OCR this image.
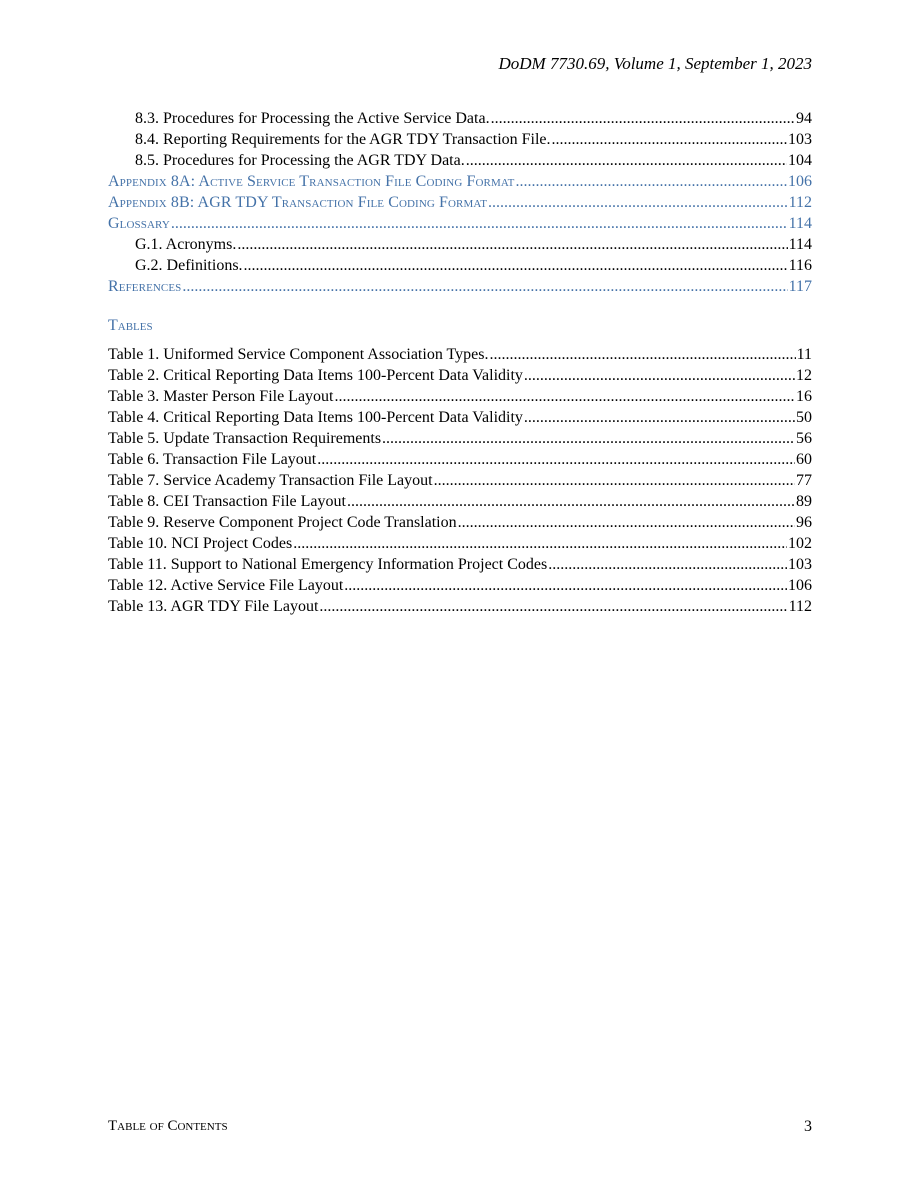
DoDM 7730.69, Volume 1, September 1, 2023
8.3. Procedures for Processing the Active Service Data. .....	94
8.4. Reporting Requirements for the AGR TDY Transaction File. .....	103
8.5. Procedures for Processing the AGR TDY Data. .....	104
Appendix 8A: Active Service Transaction File Coding Format .....	106
Appendix 8B: AGR TDY Transaction File Coding Format .....	112
Glossary .....	114
G.1. Acronyms. .....	114
G.2. Definitions. .....	116
References .....	117
Tables
Table 1. Uniformed Service Component Association Types. .....	11
Table 2. Critical Reporting Data Items 100-Percent Data Validity .....	12
Table 3. Master Person File Layout .....	16
Table 4. Critical Reporting Data Items 100-Percent Data Validity .....	50
Table 5. Update Transaction Requirements .....	56
Table 6. Transaction File Layout .....	60
Table 7. Service Academy Transaction File Layout .....	77
Table 8. CEI Transaction File Layout .....	89
Table 9. Reserve Component Project Code Translation .....	96
Table 10. NCI Project Codes .....	102
Table 11. Support to National Emergency Information Project Codes .....	103
Table 12. Active Service File Layout .....	106
Table 13. AGR TDY File Layout .....	112
Table of Contents	3
